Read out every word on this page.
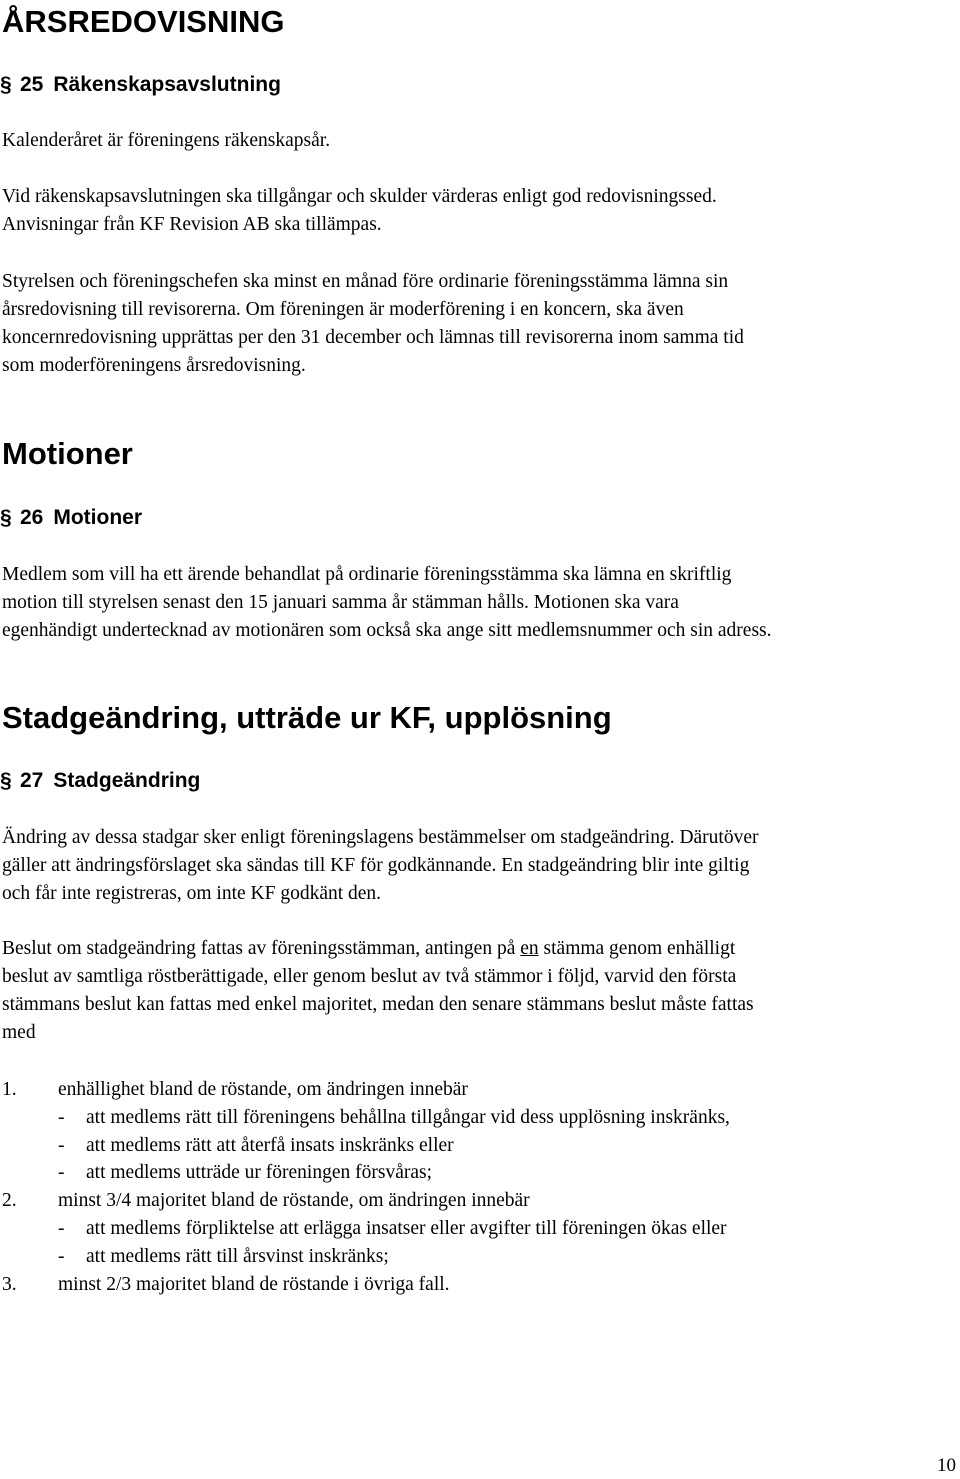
ÅRSREDOVISNING
§ 25 Räkenskapsavslutning
Kalenderåret är föreningens räkenskapsår.
Vid räkenskapsavslutningen ska tillgångar och skulder värderas enligt god redovisningssed.
Anvisningar från KF Revision AB ska tillämpas.
Styrelsen och föreningschefen ska minst en månad före ordinarie föreningsstämma lämna sin
årsredovisning till revisorerna. Om föreningen är moderförening i en koncern, ska även
koncernredovisning upprättas per den 31 december och lämnas till revisorerna inom samma tid
som moderföreningens årsredovisning.
Motioner
§ 26 Motioner
Medlem som vill ha ett ärende behandlat på ordinarie föreningsstämma ska lämna en skriftlig
motion till styrelsen senast den 15 januari samma år stämman hålls. Motionen ska vara
egenhändigt undertecknad av motionären som också ska ange sitt medlemsnummer och sin adress.
Stadgeändring, utträde ur KF, upplösning
§ 27 Stadgeändring
Ändring av dessa stadgar sker enligt föreningslagens bestämmelser om stadgeändring. Därutöver
gäller att ändringsförslaget ska sändas till KF för godkännande. En stadgeändring blir inte giltig
och får inte registreras, om inte KF godkänt den.
Beslut om stadgeändring fattas av föreningsstämman, antingen på en stämma genom enhälligt
beslut av samtliga röstberättigade, eller genom beslut av två stämmor i följd, varvid den första
stämmans beslut kan fattas med enkel majoritet, medan den senare stämmans beslut måste fattas
med
1. enhällighet bland de röstande, om ändringen innebär
- att medlems rätt till föreningens behållna tillgångar vid dess upplösning inskränks,
- att medlems rätt att återfå insats inskränks eller
- att medlems utträde ur föreningen försvåras;
2. minst 3/4 majoritet bland de röstande, om ändringen innebär
- att medlems förpliktelse att erlägga insatser eller avgifter till föreningen ökas eller
- att medlems rätt till årsvinst inskränks;
3. minst 2/3 majoritet bland de röstande i övriga fall.
10
